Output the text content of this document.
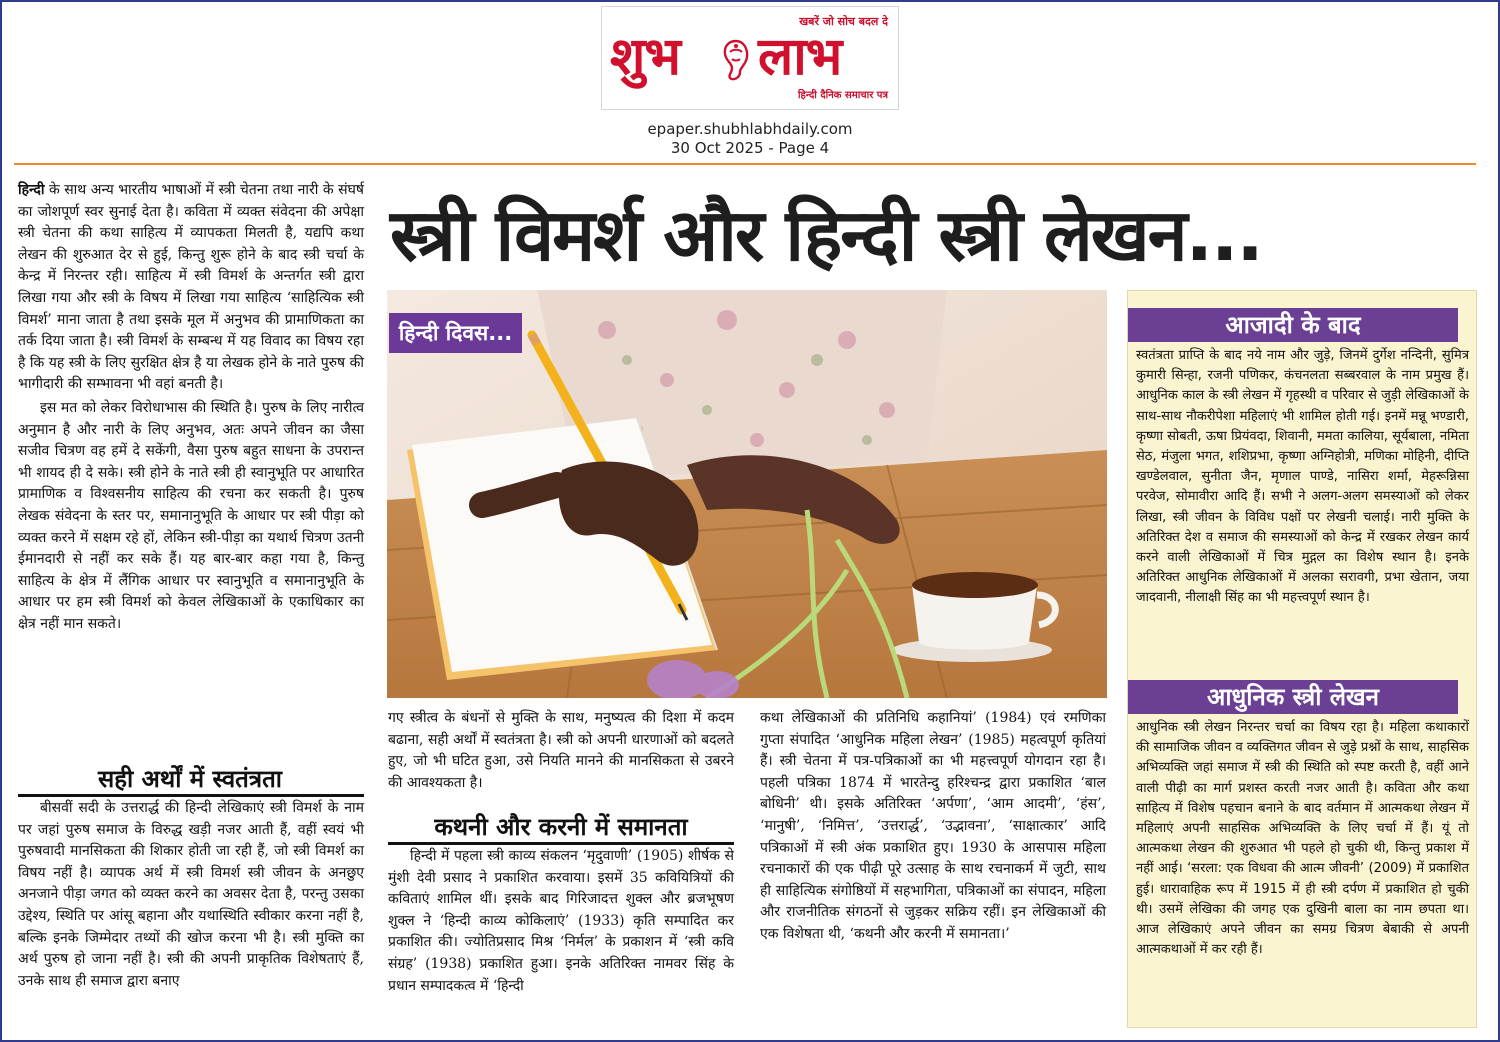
खबरें जो सोच बदल दे
शुभ लाभ
हिन्दी दैनिक समाचार पत्र
epaper.shubhlabhdaily.com
30 Oct 2025 - Page 4

हिन्दी के साथ अन्य भारतीय भाषाओं में स्त्री चेतना तथा नारी के संघर्ष का जोशपूर्ण स्वर सुनाई देता है। कविता में व्यक्त संवेदना की अपेक्षा स्त्री चेतना की कथा साहित्य में व्यापकता मिलती है, यद्यपि कथा लेखन की शुरुआत देर से हुई, किन्तु शुरू होने के बाद स्त्री चर्चा के केन्द्र में निरन्तर रही। साहित्य में स्त्री विमर्श के अन्तर्गत स्त्री द्वारा लिखा गया और स्त्री के विषय में लिखा गया साहित्य ‘साहित्यिक स्त्री विमर्श’ माना जाता है तथा इसके मूल में अनुभव की प्रामाणिकता का तर्क दिया जाता है। स्त्री विमर्श के सम्बन्ध में यह विवाद का विषय रहा है कि यह स्त्री के लिए सुरक्षित क्षेत्र है या लेखक होने के नाते पुरुष की भागीदारी की सम्भावना भी वहां बनती है।

इस मत को लेकर विरोधाभास की स्थिति है। पुरुष के लिए नारीत्व अनुमान है और नारी के लिए अनुभव, अतः अपने जीवन का जैसा सजीव चित्रण वह हमें दे सकेंगी, वैसा पुरुष बहुत साधना के उपरान्त भी शायद ही दे सके। स्त्री होने के नाते स्त्री ही स्वानुभूति पर आधारित प्रामाणिक व विश्वसनीय साहित्य की रचना कर सकती है। पुरुष लेखक संवेदना के स्तर पर, समानानुभूति के आधार पर स्त्री पीड़ा को व्यक्त करने में सक्षम रहे हों, लेकिन स्त्री-पीड़ा का यथार्थ चित्रण उतनी ईमानदारी से नहीं कर सके हैं। यह बार-बार कहा गया है, किन्तु साहित्य के क्षेत्र में लैंगिक आधार पर स्वानुभूति व समानानुभूति के आधार पर हम स्त्री विमर्श को केवल लेखिकाओं के एकाधिकार का क्षेत्र नहीं मान सकते।

सही अर्थों में स्वतंत्रता

बीसवीं सदी के उत्तरार्द्ध की हिन्दी लेखिकाएं स्त्री विमर्श के नाम पर जहां पुरुष समाज के विरुद्ध खड़ी नजर आती हैं, वहीं स्वयं भी पुरुषवादी मानसिकता की शिकार होती जा रही हैं, जो स्त्री विमर्श का विषय नहीं है। व्यापक अर्थ में स्त्री विमर्श स्त्री जीवन के अनछुए अनजाने पीड़ा जगत को व्यक्त करने का अवसर देता है, परन्तु उसका उद्देश्य, स्थिति पर आंसू बहाना और यथास्थिति स्वीकार करना नहीं है, बल्कि इनके जिम्मेदार तथ्यों की खोज करना भी है। स्त्री मुक्ति का अर्थ पुरुष हो जाना नहीं है। स्त्री की अपनी प्राकृतिक विशेषताएं हैं, उनके साथ ही समाज द्वारा बनाए

स्त्री विमर्श और हिन्दी स्त्री लेखन...
हिन्दी दिवस...

गए स्त्रीत्व के बंधनों से मुक्ति के साथ, मनुष्यत्व की दिशा में कदम बढाना, सही अर्थों में स्वतंत्रता है। स्त्री को अपनी धारणाओं को बदलते हुए, जो भी घटित हुआ, उसे नियति मानने की मानसिकता से उबरने की आवश्यकता है।

कथनी और करनी में समानता

हिन्दी में पहला स्त्री काव्य संकलन ‘मृदुवाणी’ (1905) शीर्षक से मुंशी देवी प्रसाद ने प्रकाशित करवाया। इसमें 35 कवियित्रियों की कविताएं शामिल थीं। इसके बाद गिरिजादत्त शुक्ल और ब्रजभूषण शुक्ल ने ‘हिन्दी काव्य कोकिलाएं’ (1933) कृति सम्पादित कर प्रकाशित की। ज्योतिप्रसाद मिश्र ‘निर्मल’ के प्रकाशन में ‘स्त्री कवि संग्रह’ (1938) प्रकाशित हुआ। इनके अतिरिक्त नामवर सिंह के प्रधान सम्पादकत्व में ‘हिन्दी

कथा लेखिकाओं की प्रतिनिधि कहानियां’ (1984) एवं रमणिका गुप्ता संपादित ‘आधुनिक महिला लेखन’ (1985) महत्वपूर्ण कृतियां हैं। स्त्री चेतना में पत्र-पत्रिकाओं का भी महत्त्वपूर्ण योगदान रहा है। पहली पत्रिका 1874 में भारतेन्दु हरिश्चन्द्र द्वारा प्रकाशित ‘बाल बोधिनी’ थी। इसके अतिरिक्त ‘अर्पणा’, ‘आम आदमी’, ‘हंस’, ‘मानुषी’, ‘निमित्त’, ‘उत्तरार्द्ध’, ‘उद्भावना’, ‘साक्षात्कार’ आदि पत्रिकाओं में स्त्री अंक प्रकाशित हुए। 1930 के आसपास महिला रचनाकारों की एक पीढ़ी पूरे उत्साह के साथ रचनाकर्म में जुटी, साथ ही साहित्यिक संगोष्ठियों में सहभागिता, पत्रिकाओं का संपादन, महिला और राजनीतिक संगठनों से जुड़कर सक्रिय रहीं। इन लेखिकाओं की एक विशेषता थी, ‘कथनी और करनी में समानता।’

आजादी के बाद
स्वतंत्रता प्राप्ति के बाद नये नाम और जुड़े, जिनमें दुर्गेश नन्दिनी, सुमित्र कुमारी सिन्हा, रजनी पणिकर, कंचनलता सब्बरवाल के नाम प्रमुख हैं। आधुनिक काल के स्त्री लेखन में गृहस्थी व परिवार से जुड़ी लेखिकाओं के साथ-साथ नौकरीपेशा महिलाएं भी शामिल होती गई। इनमें मन्नू भण्डारी, कृष्णा सोबती, ऊषा प्रियंवदा, शिवानी, ममता कालिया, सूर्यबाला, नमिता सेठ, मंजुला भगत, शशिप्रभा, कृष्णा अग्निहोत्री, मणिका मोहिनी, दीप्ति खण्डेलवाल, सुनीता जैन, मृणाल पाण्डे, नासिरा शर्मा, मेहरून्निसा परवेज, सोमावीरा आदि हैं। सभी ने अलग-अलग समस्याओं को लेकर लिखा, स्त्री जीवन के विविध पक्षों पर लेखनी चलाई। नारी मुक्ति के अतिरिक्त देश व समाज की समस्याओं को केन्द्र में रखकर लेखन कार्य करने वाली लेखिकाओं में चित्र मुद्गल का विशेष स्थान है। इनके अतिरिक्त आधुनिक लेखिकाओं में अलका सरावगी, प्रभा खेतान, जया जादवानी, नीलाक्षी सिंह का भी महत्त्वपूर्ण स्थान है।
आधुनिक स्त्री लेखन
आधुनिक स्त्री लेखन निरन्तर चर्चा का विषय रहा है। महिला कथाकारों की सामाजिक जीवन व व्यक्तिगत जीवन से जुड़े प्रश्नों के साथ, साहसिक अभिव्यक्ति जहां समाज में स्त्री की स्थिति को स्पष्ट करती है, वहीं आने वाली पीढ़ी का मार्ग प्रशस्त करती नजर आती है। कविता और कथा साहित्य में विशेष पहचान बनाने के बाद वर्तमान में आत्मकथा लेखन में महिलाएं अपनी साहसिक अभिव्यक्ति के लिए चर्चा में हैं। यूं तो आत्मकथा लेखन की शुरुआत भी पहले हो चुकी थी, किन्तु प्रकाश में नहीं आई। ‘सरला: एक विधवा की आत्म जीवनी’ (2009) में प्रकाशित हुई। धारावाहिक रूप में 1915 में ही स्त्री दर्पण में प्रकाशित हो चुकी थी। उसमें लेखिका की जगह एक दुखिनी बाला का नाम छपता था। आज लेखिकाएं अपने जीवन का समग्र चित्रण बेबाकी से अपनी आत्मकथाओं में कर रही हैं।
